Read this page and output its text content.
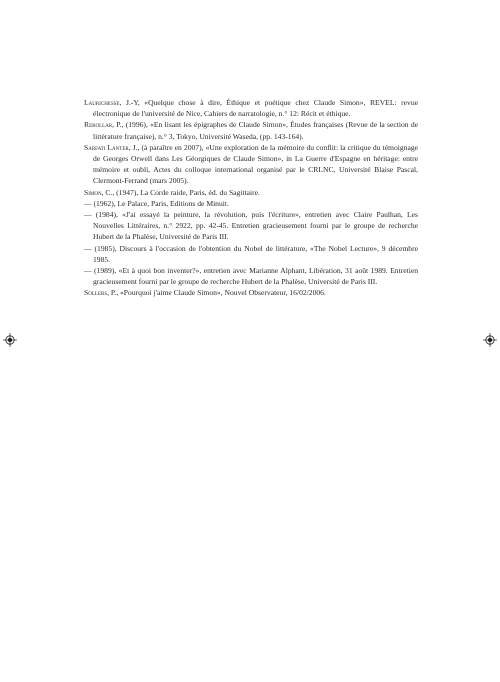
Laurichesse, J.-Y, «Quelque chose à dire, Éthique et poétique chez Claude Simon», REVEL: revue électronique de l'université de Nice, Cahiers de narratologie, n.° 12: Récit et éthique.

Rebollar, P., (1996), «En lisant les épigraphes de Claude Simon», Études françaises (Revue de la section de littérature française), n.° 3, Tokyo, Université Waseda, (pp. 143-164).

Sarfati Lanter, J., (à paraître en 2007), «Une exploration de la mémoire du conflit: la critique du témoignage de Georges Orwell dans Les Géorgiques de Claude Simon», in La Guerre d'Espagne en héritage: entre mémoire et oubli, Actes du colloque international organisé par le CRLNC, Université Blaise Pascal, Clermont-Ferrand (mars 2005).

Simon, C., (1947), La Corde raide, Paris, éd. du Sagittaire.

— (1962), Le Palace, Paris, Editions de Minuit.

— (1984), «J'ai essayé la peinture, la révolution, puis l'écriture», entretien avec Claire Paulhan, Les Nouvelles Littéraires, n.° 2922, pp. 42-45. Entretien gracieusement fourni par le groupe de recherche Hubert de la Phalèse, Université de Paris III.

— (1985), Discours à l'occasion de l'obtention du Nobel de littérature, «The Nobel Lecture», 9 décembre 1985.

— (1989), «Et à quoi bon inventer?», entretien avec Marianne Alphant, Libération, 31 août 1989. Entretien gracieusement fourni par le groupe de recherche Hubert de la Phalèse, Université de Paris III.

Sollers, P., «Pourquoi j'aime Claude Simon», Nouvel Observateur, 16/02/2006.
